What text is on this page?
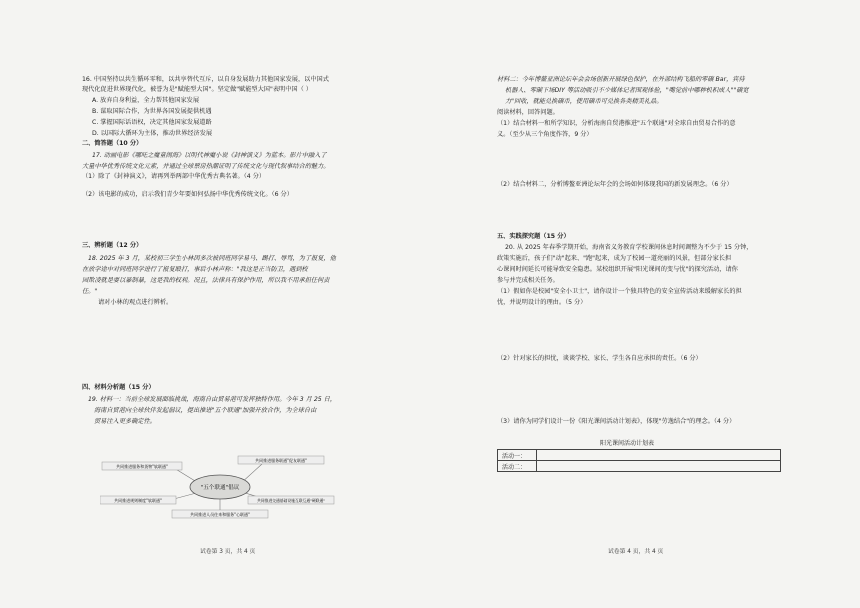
16. 中国坚持以共生循环零和，以共享替代互斥，以自身发展助力其他国家发展，以中国式
现代化促进世界现代化，被誉为是"赋能型大国"。坚定做"赋能型大国"表明中国（ ）
A. 放弃自身利益，全力帮其他国家发展
B. 谋取国际合作，为世界各国发展提供机遇
C. 掌握国际话语权，决定其他国家发展道路
D. 以国际大循环为主体，推动世界经济发展
二、简答题（10 分）
17. 动画电影《哪吒之魔童闹海》以明代神魔小说《封神演义》为蓝本。影片中融入了
大量中华优秀传统文化元素，并通过全球票房热潮证明了传统文化与现代叙事结合的魅力。
（1）除了《封神演义》，请再列举两部中华优秀古典名著。（4 分）
（2）该电影的成功，启示我们青少年要如何弘扬中华优秀传统文化。（6 分）
三、辨析题（12 分）
18. 2025 年 3 月，某校初三学生小林因多次被同班同学易马、踢打、辱骂，为了报复，他
在放学途中对同班同学进行了报复殴打，事后小林声称："我这是正当防卫，遇到校
园欺凌就是要以暴制暴，这是我的权利。况且，法律具有保护作用，所以我不用承担任何责
任。"
请对小林的观点进行辨析。
四、材料分析题（15 分）
19. 材料一：当前全球发展面临挑战，海南自由贸易港可发挥独特作用。今年 3 月 25 日，
海南自贸港向全球伙伴发起倡议，提出推进"五个联通"加强开放合作，为全球自由
贸易注入更多确定性。
"五个联通"倡议
共同推进服务和货物"软联通"
共同推进服务联通"促友联通"
共同推进规则制度"软联通"	共同推进交通基础设施互联互通"硬联通"
共同推进人员往来和服务"心联通"
试卷第 3 页，共 4 页
材料二：今年博鳌亚洲论坛年会会场创新开展绿色保护，在外部结构飞船的零碳 Bar，宾待
机器人、零碳下场DIY 等活动吸引不少媒体记者围观体验，"嘴觉前中哪种机积成人""碳宽
力"回收，就能兑换碳币，使用碳币可兑换各类精美礼品。
阅读材料，回答问题。
（1）结合材料一和所学知识，分析海南自贸港推进"五个联通"对全球自由贸易合作的意
义。（至少从三个角度作答，9 分）
（2）结合材料二，分析博鳌亚洲论坛年会的会场如何体现我国的新发展理念。（6 分）
五、实践探究题（15 分）
20. 从 2025 年春季学期开始，海南省义务教育学校课间休息时间调整为不少于 15 分钟，
政策实施后，孩子们"动"起来、"跑"起来，成为了校园一道亮丽的风景，但部分家长担
心课间时间延长可能导致安全隐患。某校组织开展"阳光课间的变与忧"的探究活动，请你
参与并完成相关任务。
（1）假如你是校园"安全小卫士"，请你设计一个独具特色的安全宣传活动来缓解家长的担
忧，并说明设计的理由。（5 分）
（2）针对家长的担忧，谈谈学校、家长、学生各自应承担的责任。（6 分）
（3）请你为同学们设计一份《阳光课间活动计划表》，体现"劳逸结合"的理念。（4 分）
阳光课间活动计划表
活动一：	
活动二：	
试卷第 4 页，共 4 页
